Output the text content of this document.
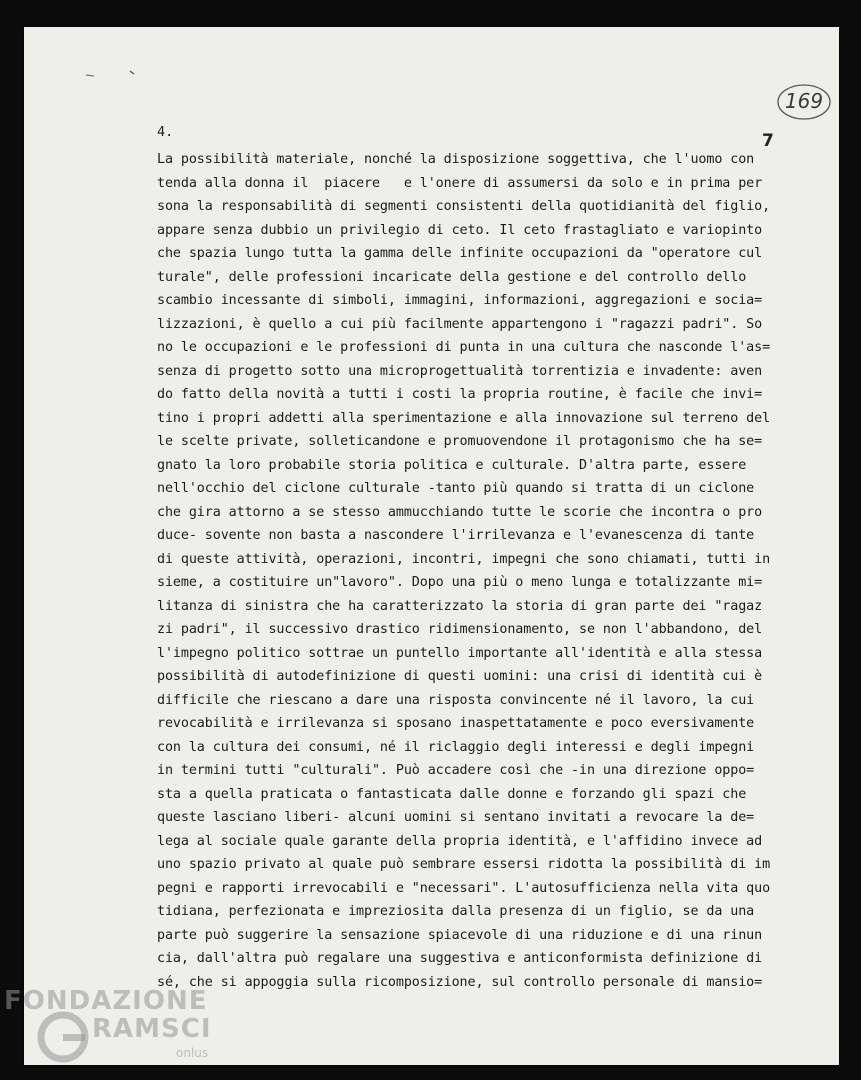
169
7
4.
La possibilità materiale, nonché la disposizione soggettiva, che l'uomo con
tenda alla donna il  piacere   e l'onere di assumersi da solo e in prima per
sona la responsabilità di segmenti consistenti della quotidianità del figlio,
appare senza dubbio un privilegio di ceto. Il ceto frastagliato e variopinto
che spazia lungo tutta la gamma delle infinite occupazioni da "operatore cul
turale", delle professioni incaricate della gestione e del controllo dello
scambio incessante di simboli, immagini, informazioni, aggregazioni e socia=
lizzazioni, è quello a cui più facilmente appartengono i "ragazzi padri". So
no le occupazioni e le professioni di punta in una cultura che nasconde l'as=
senza di progetto sotto una microprogettualità torrentizia e invadente: aven
do fatto della novità a tutti i costi la propria routine, è facile che invi=
tino i propri addetti alla sperimentazione e alla innovazione sul terreno del
le scelte private, solleticandone e promuovendone il protagonismo che ha se=
gnato la loro probabile storia politica e culturale. D'altra parte, essere
nell'occhio del ciclone culturale -tanto più quando si tratta di un ciclone
che gira attorno a se stesso ammucchiando tutte le scorie che incontra o pro
duce- sovente non basta a nascondere l'irrilevanza e l'evanescenza di tante
di queste attività, operazioni, incontri, impegni che sono chiamati, tutti in
sieme, a costituire un"lavoro". Dopo una più o meno lunga e totalizzante mi=
litanza di sinistra che ha caratterizzato la storia di gran parte dei "ragaz
zi padri", il successivo drastico ridimensionamento, se non l'abbandono, del
l'impegno politico sottrae un puntello importante all'identità e alla stessa
possibilità di autodefinizione di questi uomini: una crisi di identità cui è
difficile che riescano a dare una risposta convincente né il lavoro, la cui
revocabilità e irrilevanza si sposano inaspettatamente e poco eversivamente
con la cultura dei consumi, né il riclaggio degli interessi e degli impegni
in termini tutti "culturali". Può accadere così che -in una direzione oppo=
sta a quella praticata o fantasticata dalle donne e forzando gli spazi che
queste lasciano liberi- alcuni uomini si sentano invitati a revocare la de=
lega al sociale quale garante della propria identità, e l'affidino invece ad
uno spazio privato al quale può sembrare essersi ridotta la possibilità di im
pegni e rapporti irrevocabili e "necessari". L'autosufficienza nella vita quo
tidiana, perfezionata e impreziosita dalla presenza di un figlio, se da una
parte può suggerire la sensazione spiacevole di una riduzione e di una rinun
cia, dall'altra può regalare una suggestiva e anticonformista definizione di
sé, che si appoggia sulla ricomposizione, sul controllo personale di mansio=
FONDAZIONE
RAMSCI
onlus
